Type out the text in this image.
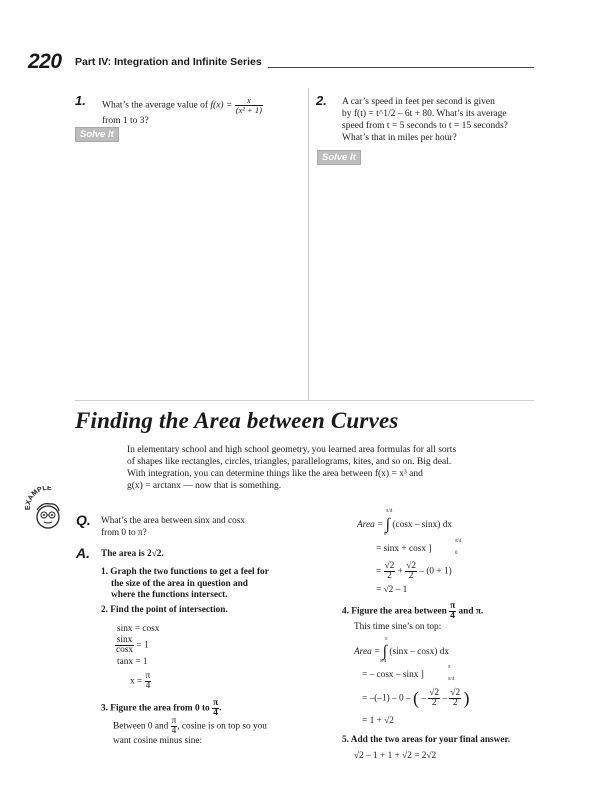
220 Part IV: Integration and Infinite Series
1. What’s the average value of $f(x) = \frac{x}{\text{(x² + 1)}}$

from 1 to 3?
Solve It
2. A car’s speed in feet per second is given
by f(t) = t^1/2 – 6t + 80. What’s its average
speed from t = 5 seconds to t = 15 seconds?
What’s that in miles per hour?
Solve It
Finding the Area between Curves
In elementary school and high school geometry, you learned area formulas for all sorts
of shapes like rectangles, circles, triangles, parallelograms, kites, and so on. Big deal.
With integration, you can determine things like the area between f(x) = x³ and
g(x) = arctanx — now that is something.
EXAMPLE
Q. What’s the area between sinx and cosx
from 0 to π?
A. The area is 2√2.
1. Graph the two functions to get a feel for
the size of the area in question and
where the functions intersect.
2. Find the point of intersection.
sinx = cosx
$\frac{\sin x}{\cos x} = 1$
tanx = 1
$x = \frac{\pi}{4}$
3. Figure the area from 0 to $\frac{\pi}{4}$ .
Between 0 and $\frac{\pi}{4}$ , cosine is on top so you
want cosine minus sine:
Area = ∫ (cosx – sinx) dx
π/4
0
= sinx + cosx ]
π/4
0
= $\frac{√2}{2} + \frac{√2}{2} - (0 + 1)$
= √2 – 1
4. Figure the area between $\frac{\pi}{4}$ and π.
This time sine’s on top:
Area = ∫ (sinx – cosx) dx
π
π/4
= – cosx – sinx ]
π
π/4
= –(–1) – 0 – ( – $\frac{√2}{2} - \frac{√2}{2}$ )
= 1 + √2
5. Add the two areas for your final answer.
√2 – 1 + 1 + √2 = 2√2
